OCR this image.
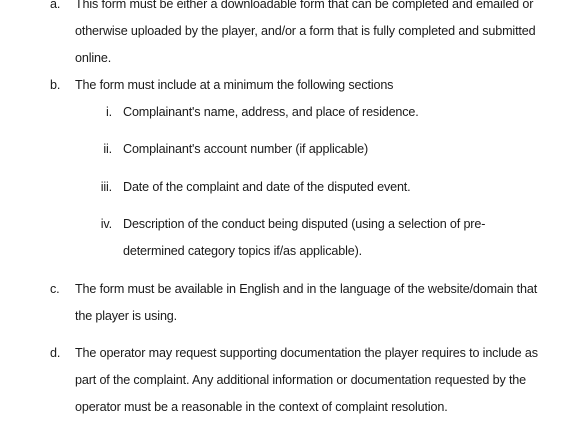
a.	This form must be either a downloadable form that can be completed and emailed or
otherwise uploaded by the player, and/or a form that is fully completed and submitted
online.
b.	The form must include at a minimum the following sections
i. Complainant's name, address, and place of residence.
ii. Complainant's account number (if applicable)
iii. Date of the complaint and date of the disputed event.
iv. Description of the conduct being disputed (using a selection of pre-
determined category topics if/as applicable).
c.	The form must be available in English and in the language of the website/domain that
the player is using.
d.	The operator may request supporting documentation the player requires to include as
part of the complaint. Any additional information or documentation requested by the
operator must be a reasonable in the context of complaint resolution.
